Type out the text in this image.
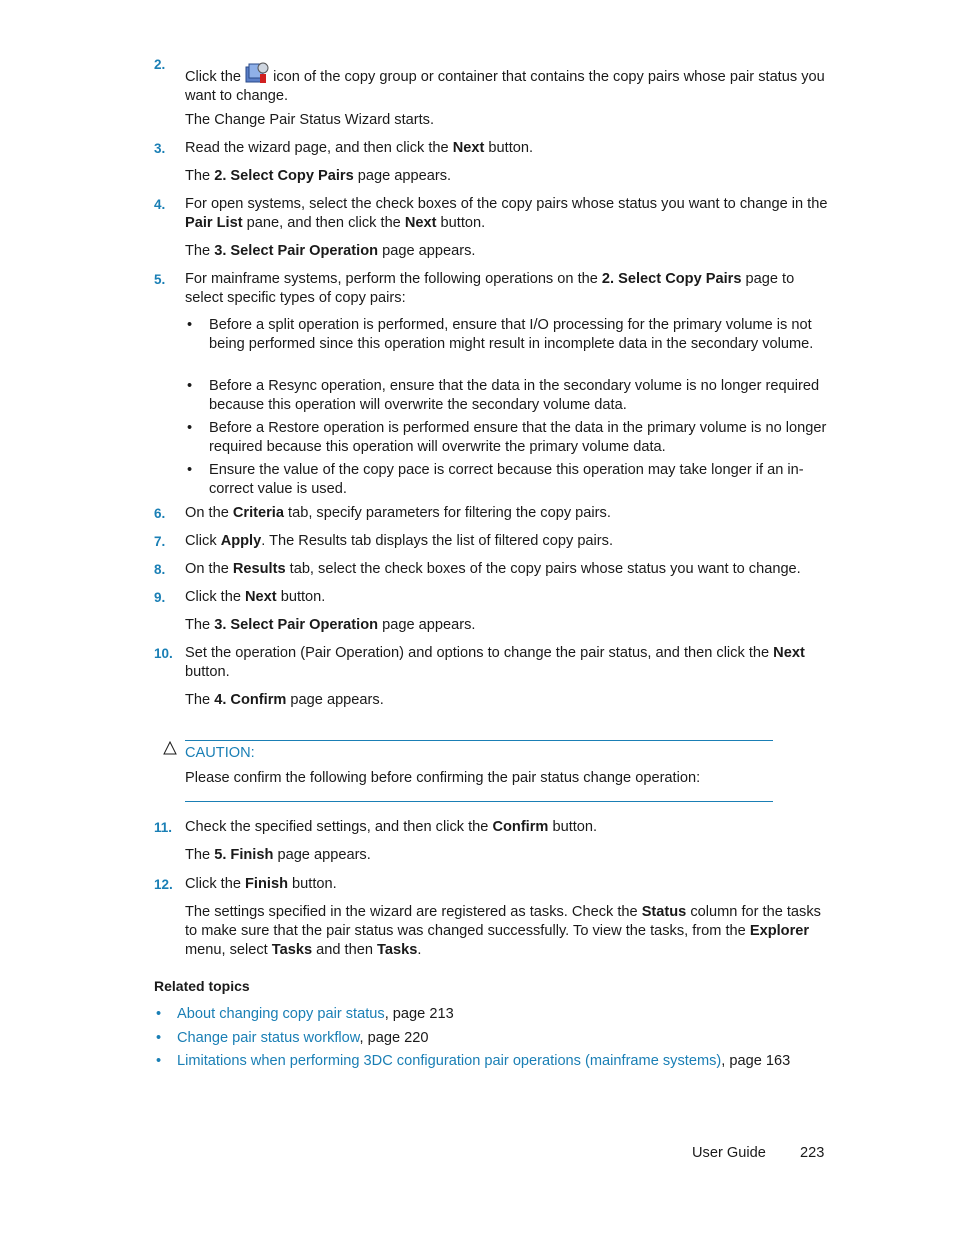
2.
Click the icon of the copy group or container that contains the copy pairs whose pair status you want to change.
The Change Pair Status Wizard starts.
3. Read the wizard page, and then click the Next button.
The 2. Select Copy Pairs page appears.
4. For open systems, select the check boxes of the copy pairs whose status you want to change in the Pair List pane, and then click the Next button.
The 3. Select Pair Operation page appears.
5. For mainframe systems, perform the following operations on the 2. Select Copy Pairs page to select specific types of copy pairs:
• Before a split operation is performed, ensure that I/O processing for the primary volume is not being performed since this operation might result in incomplete data in the secondary volume.
• Before a Resync operation, ensure that the data in the secondary volume is no longer required because this operation will overwrite the secondary volume data.
• Before a Restore operation is performed ensure that the data in the primary volume is no longer required because this operation will overwrite the primary volume data.
• Ensure the value of the copy pace is correct because this operation may take longer if an in-correct value is used.
6. On the Criteria tab, specify parameters for filtering the copy pairs.
7. Click Apply. The Results tab displays the list of filtered copy pairs.
8. On the Results tab, select the check boxes of the copy pairs whose status you want to change.
9. Click the Next button.
The 3. Select Pair Operation page appears.
10. Set the operation (Pair Operation) and options to change the pair status, and then click the Next button.
The 4. Confirm page appears.
CAUTION:
Please confirm the following before confirming the pair status change operation:
11. Check the specified settings, and then click the Confirm button.
The 5. Finish page appears.
12. Click the Finish button.
The settings specified in the wizard are registered as tasks. Check the Status column for the tasks to make sure that the pair status was changed successfully. To view the tasks, from the Explorer menu, select Tasks and then Tasks.
Related topics
• About changing copy pair status, page 213
• Change pair status workflow, page 220
• Limitations when performing 3DC configuration pair operations (mainframe systems), page 163
User Guide 223
